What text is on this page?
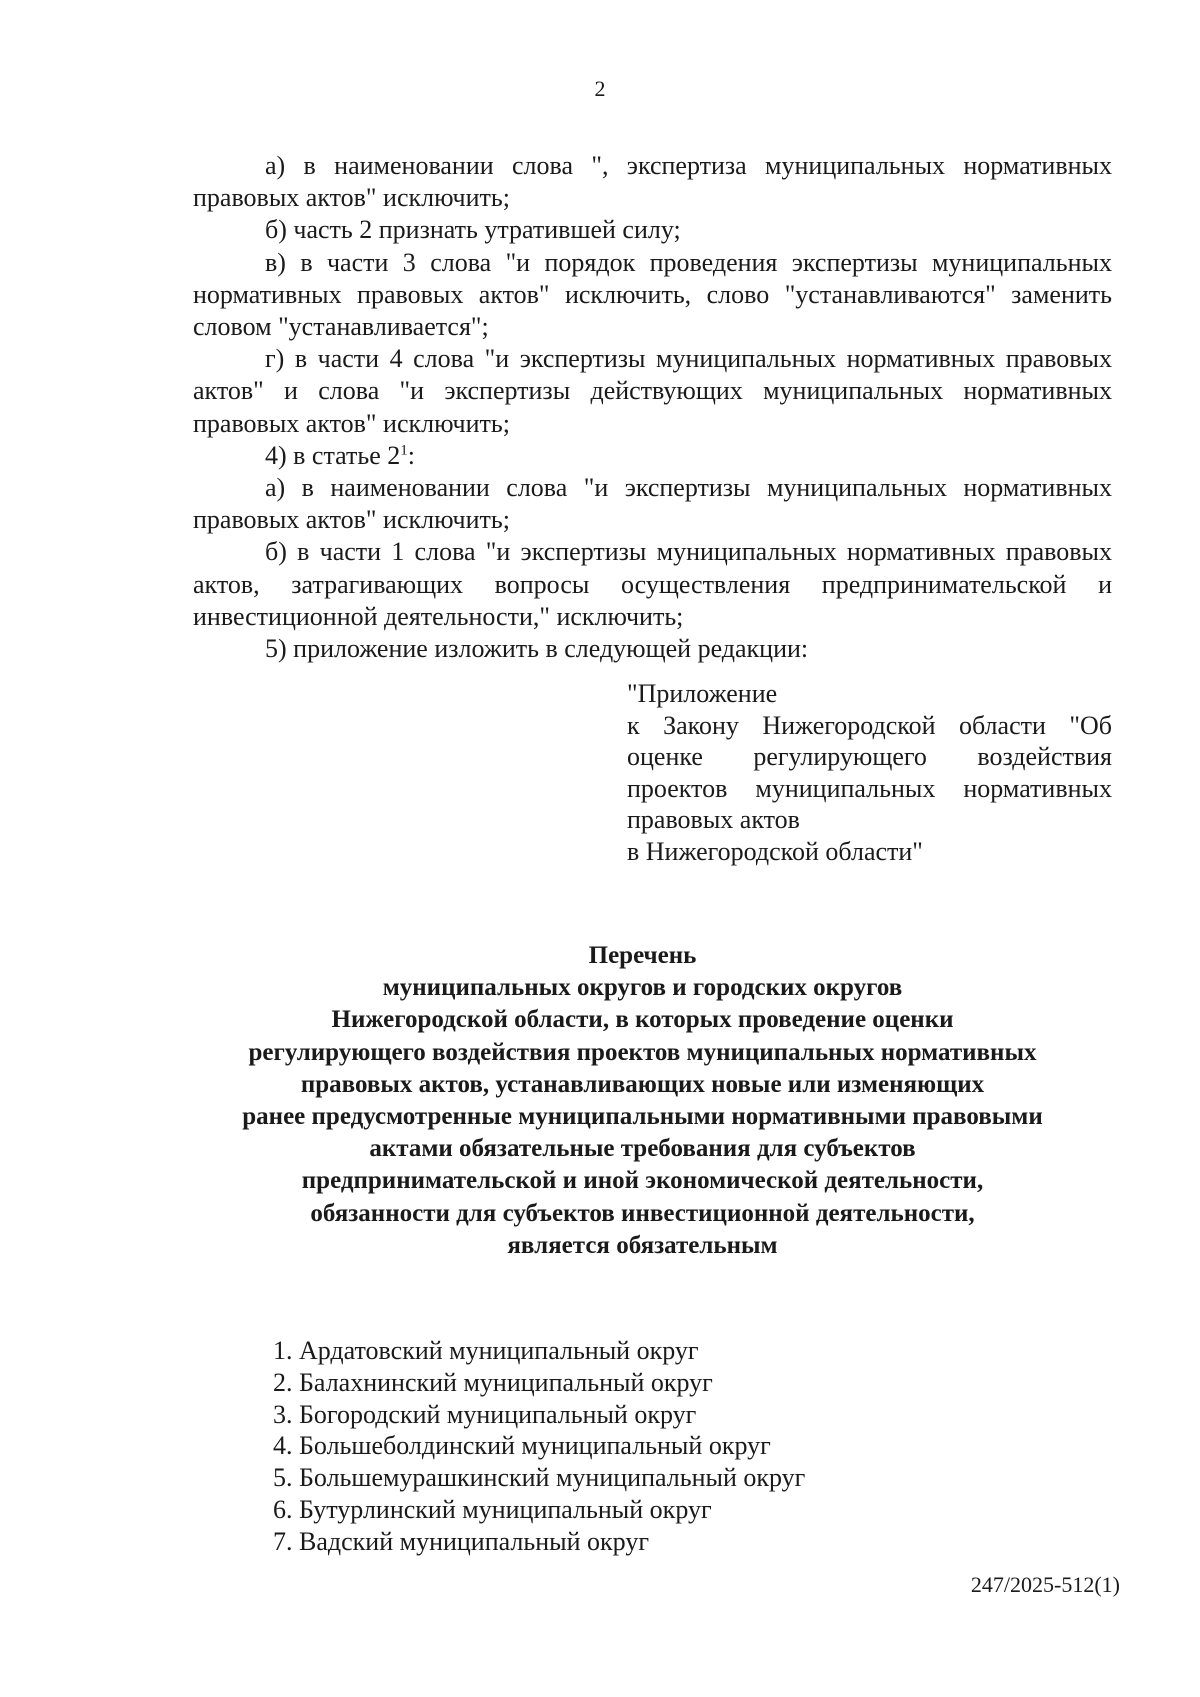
2

а) в наименовании слова ", экспертиза муниципальных нормативных правовых актов" исключить;

б) часть 2 признать утратившей силу;

в) в части 3 слова "и порядок проведения экспертизы муниципальных нормативных правовых актов" исключить, слово "устанавливаются" заменить словом "устанавливается";

г) в части 4 слова "и экспертизы муниципальных нормативных правовых актов" и слова "и экспертизы действующих муниципальных нормативных правовых актов" исключить;

4) в статье $2^1$:

а) в наименовании слова "и экспертизы муниципальных нормативных правовых актов" исключить;

б) в части 1 слова "и экспертизы муниципальных нормативных правовых актов, затрагивающих вопросы осуществления предпринимательской и инвестиционной деятельности," исключить;

5) приложение изложить в следующей редакции:

"Приложение

к Закону Нижегородской области "Об оценке регулирующего воздействия проектов муниципальных нормативных правовых актов

в Нижегородской области"

Перечень
муниципальных округов и городских округов
Нижегородской области, в которых проведение оценки
регулирующего воздействия проектов муниципальных нормативных
правовых актов, устанавливающих новые или изменяющих
ранее предусмотренные муниципальными нормативными правовыми
актами обязательные требования для субъектов
предпринимательской и иной экономической деятельности,
обязанности для субъектов инвестиционной деятельности,
является обязательным
1. Ардатовский муниципальный округ
2. Балахнинский муниципальный округ
3. Богородский муниципальный округ
4. Большеболдинский муниципальный округ
5. Большемурашкинский муниципальный округ
6. Бутурлинский муниципальный округ
7. Вадский муниципальный округ
247/2025-512(1)
